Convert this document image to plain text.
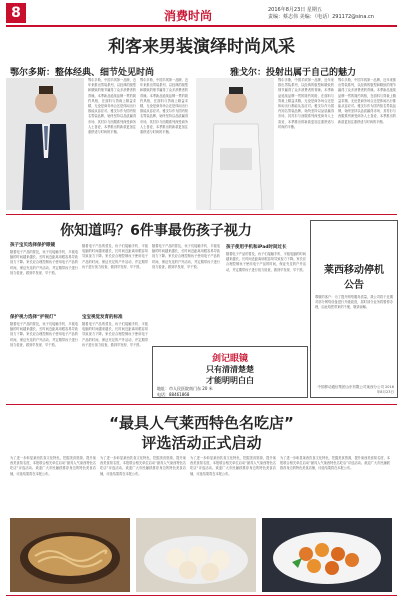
8	消费时尚	2016年8月23日 星期五
责编：蔡志伟 美编：（电话）291172@sina.cn
利客来男装演绎时尚风采
鄂尔多斯：整体经典、细节处见时尚	雅戈尔：投射出属于自己的魅力
鄂尔多斯，中国羊绒第一品牌，近年来推出男装系列，以经典的版型和精致的细节赢得了众多消费者的青睐。本季新品延续品牌一贯的简约风格，在面料与剪裁上精益求精，无论是商务场合还是休闲出行都能从容应对。雅戈尔作为国内知名男装品牌，始终坚持以品质赢得市场，其衬衫与西服系列深受商务人士喜爱，本季推出的新款更加注重舒适与时尚的平衡。
鄂尔多斯，中国羊绒第一品牌，近年来推出男装系列，以经典的版型和精致的细节赢得了众多消费者的青睐。本季新品延续品牌一贯的简约风格，在面料与剪裁上精益求精，无论是商务场合还是休闲出行都能从容应对。雅戈尔作为国内知名男装品牌，始终坚持以品质赢得市场，其衬衫与西服系列深受商务人士喜爱，本季推出的新款更加注重舒适与时尚的平衡。
鄂尔多斯，中国羊绒第一品牌，近年来推出男装系列，以经典的版型和精致的细节赢得了众多消费者的青睐。本季新品延续品牌一贯的简约风格，在面料与剪裁上精益求精，无论是商务场合还是休闲出行都能从容应对。雅戈尔作为国内知名男装品牌，始终坚持以品质赢得市场，其衬衫与西服系列深受商务人士喜爱，本季推出的新款更加注重舒适与时尚的平衡。
鄂尔多斯，中国羊绒第一品牌，近年来推出男装系列，以经典的版型和精致的细节赢得了众多消费者的青睐。本季新品延续品牌一贯的简约风格，在面料与剪裁上精益求精，无论是商务场合还是休闲出行都能从容应对。雅戈尔作为国内知名男装品牌，始终坚持以品质赢得市场，其衬衫与西服系列深受商务人士喜爱，本季推出的新款更加注重舒适与时尚的平衡。
你知道吗？6件事最伤孩子视力
孩子宝贝选择保护眼镜
随着电子产品的普及，孩子们接触手机、平板电脑的时间越来越长，长时间近距离用眼容易导致视力下降。家长应合理控制孩子使用电子产品的时间，保证充足的户外活动，并定期带孩子进行视力检查，做到早发现、早干预。
保护视力选择“护视灯”
随着电子产品的普及，孩子们接触手机、平板电脑的时间越来越长，长时间近距离用眼容易导致视力下降。家长应合理控制孩子使用电子产品的时间，保证充足的户外活动，并定期带孩子进行视力检查，做到早发现、早干预。
随着电子产品的普及，孩子们接触手机、平板电脑的时间越来越长，长时间近距离用眼容易导致视力下降。家长应合理控制孩子使用电子产品的时间，保证充足的户外活动，并定期带孩子进行视力检查，做到早发现、早干预。
宝宝视觉发育的标准
随着电子产品的普及，孩子们接触手机、平板电脑的时间越来越长，长时间近距离用眼容易导致视力下降。家长应合理控制孩子使用电子产品的时间，保证充足的户外活动，并定期带孩子进行视力检查，做到早发现、早干预。
随着电子产品的普及，孩子们接触手机、平板电脑的时间越来越长，长时间近距离用眼容易导致视力下降。家长应合理控制孩子使用电子产品的时间，保证充足的户外活动，并定期带孩子进行视力检查，做到早发现、早干预。
孩子使用手机和iPad时间过长
随着电子产品的普及，孩子们接触手机、平板电脑的时间越来越长，长时间近距离用眼容易导致视力下降。家长应合理控制孩子使用电子产品的时间，保证充足的户外活动，并定期带孩子进行视力检查，做到早发现、早干预。
剑记眼镜
只有清清楚楚
才能明明白白
地址：市人民医院南门东 20 米
电话：88461868
莱西移动停机
公告
尊敬的客户：为了提升网络服务质量，我公司将于近期对部分网络设备进行升级改造，届时部分业务将暂停办理，由此给您带来的不便，敬请谅解。
中国移动通信集团山东有限公司莱西分公司 2016年8月23日
“最具人气莱西特色名吃店”
评选活动正式启动
为了进一步彰显莱西饮食文化特色，挖掘美食资源，提升莱西美食知名度，本报联合相关单位启动“最具人气莱西特色名吃店”评选活动。欢迎广大市民踊跃推荐身边的特色美食店铺，评选结果将在本报公布。
为了进一步彰显莱西饮食文化特色，挖掘美食资源，提升莱西美食知名度，本报联合相关单位启动“最具人气莱西特色名吃店”评选活动。欢迎广大市民踊跃推荐身边的特色美食店铺，评选结果将在本报公布。
为了进一步彰显莱西饮食文化特色，挖掘美食资源，提升莱西美食知名度，本报联合相关单位启动“最具人气莱西特色名吃店”评选活动。欢迎广大市民踊跃推荐身边的特色美食店铺，评选结果将在本报公布。
为了进一步彰显莱西饮食文化特色，挖掘美食资源，提升莱西美食知名度，本报联合相关单位启动“最具人气莱西特色名吃店”评选活动。欢迎广大市民踊跃推荐身边的特色美食店铺，评选结果将在本报公布。
